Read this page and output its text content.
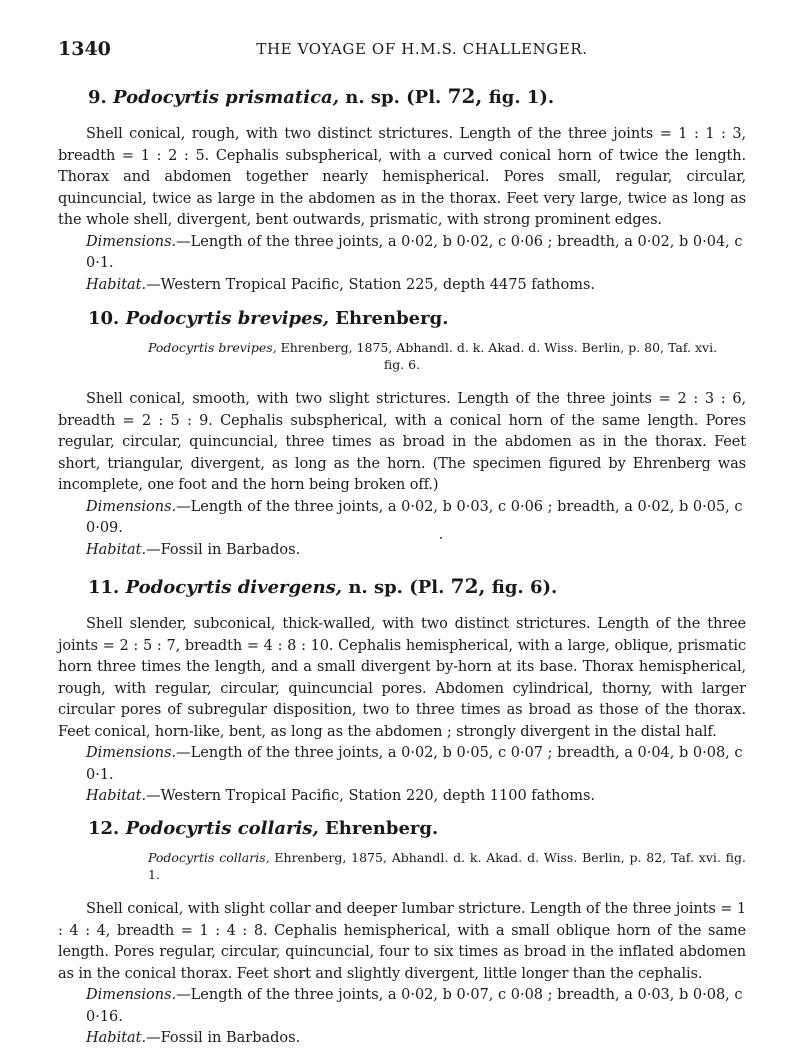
1340	THE VOYAGE OF H.M.S. CHALLENGER.
9. Podocyrtis prismatica, n. sp. (Pl. 72, fig. 1).

Shell conical, rough, with two distinct strictures. Length of the three joints = 1 : 1 : 3, breadth = 1 : 2 : 5. Cephalis subspherical, with a curved conical horn of twice the length. Thorax and abdomen together nearly hemispherical. Pores small, regular, circular, quincuncial, twice as large in the abdomen as in the thorax. Feet very large, twice as long as the whole shell, divergent, bent outwards, prismatic, with strong prominent edges.

Dimensions.—Length of the three joints, a 0·02, b 0·02, c 0·06 ; breadth, a 0·02, b 0·04, c 0·1.

Habitat.—Western Tropical Pacific, Station 225, depth 4475 fathoms.

10. Podocyrtis brevipes, Ehrenberg.

Podocyrtis brevipes, Ehrenberg, 1875, Abhandl. d. k. Akad. d. Wiss. Berlin, p. 80, Taf. xvi.
fig. 6.

Shell conical, smooth, with two slight strictures. Length of the three joints = 2 : 3 : 6, breadth = 2 : 5 : 9. Cephalis subspherical, with a conical horn of the same length. Pores regular, circular, quincuncial, three times as broad in the abdomen as in the thorax. Feet short, triangular, divergent, as long as the horn. (The specimen figured by Ehrenberg was incomplete, one foot and the horn being broken off.)

Dimensions.—Length of the three joints, a 0·02, b 0·03, c 0·06 ; breadth, a 0·02, b 0·05, c 0·09.

Habitat.—Fossil in Barbados.

11. Podocyrtis divergens, n. sp. (Pl. 72, fig. 6).

Shell slender, subconical, thick-walled, with two distinct strictures. Length of the three joints = 2 : 5 : 7, breadth = 4 : 8 : 10. Cephalis hemispherical, with a large, oblique, prismatic horn three times the length, and a small divergent by-horn at its base. Thorax hemispherical, rough, with regular, circular, quincuncial pores. Abdomen cylindrical, thorny, with larger circular pores of subregular disposition, two to three times as broad as those of the thorax. Feet conical, horn-like, bent, as long as the abdomen ; strongly divergent in the distal half.

Dimensions.—Length of the three joints, a 0·02, b 0·05, c 0·07 ; breadth, a 0·04, b 0·08, c 0·1.

Habitat.—Western Tropical Pacific, Station 220, depth 1100 fathoms.

12. Podocyrtis collaris, Ehrenberg.

Podocyrtis collaris, Ehrenberg, 1875, Abhandl. d. k. Akad. d. Wiss. Berlin, p. 82, Taf. xvi. fig. 1.

Shell conical, with slight collar and deeper lumbar stricture. Length of the three joints = 1 : 4 : 4, breadth = 1 : 4 : 8. Cephalis hemispherical, with a small oblique horn of the same length. Pores regular, circular, quincuncial, four to six times as broad in the inflated abdomen as in the conical thorax. Feet short and slightly divergent, little longer than the cephalis.

Dimensions.—Length of the three joints, a 0·02, b 0·07, c 0·08 ; breadth, a 0·03, b 0·08, c 0·16.

Habitat.—Fossil in Barbados.
